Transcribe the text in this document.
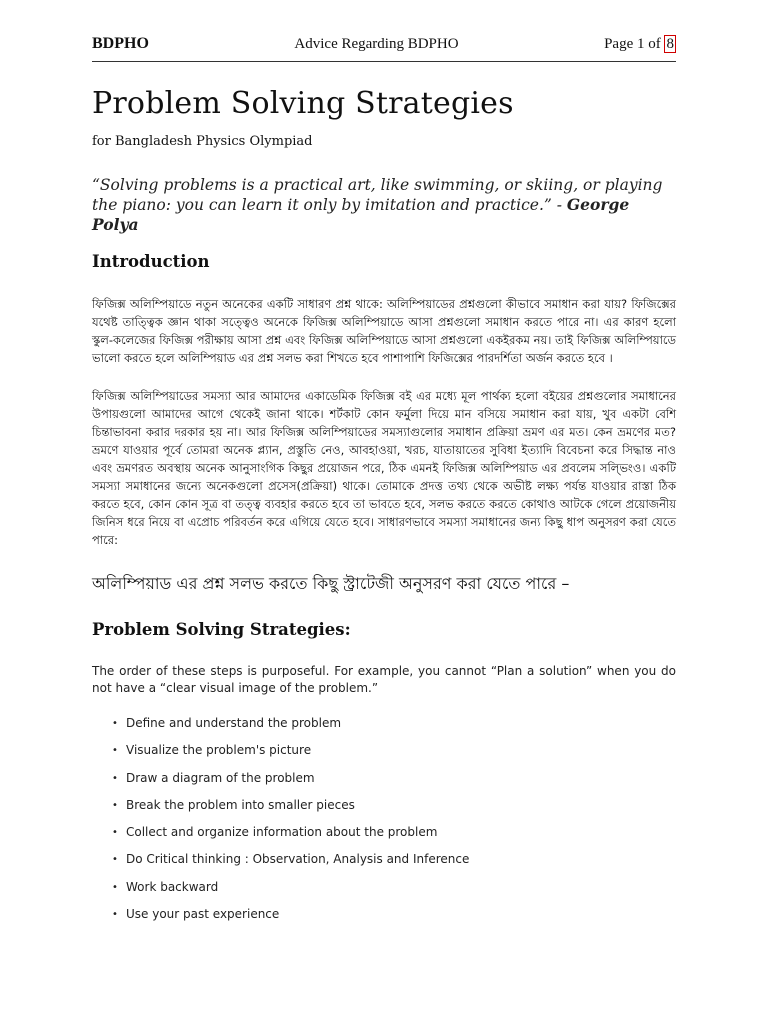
BDPHO	Advice Regarding BDPHO	Page 1 of 8
Problem Solving Strategies
for Bangladesh Physics Olympiad
“Solving problems is a practical art, like swimming, or skiing, or playing the piano: you can learn it only by imitation and practice.” - George Polya
Introduction

ফিজিক্স অলিম্পিয়াডে নতুন অনেকের একটি সাধারণ প্রশ্ন থাকে: অলিম্পিয়াডের প্রশ্নগুলো কীভাবে সমাধান করা যায়? ফিজিক্সের যথেষ্ট তাত্ত্বিক জ্ঞান থাকা সত্ত্বেও অনেকে ফিজিক্স অলিম্পিয়াডে আসা প্রশ্নগুলো সমাধান করতে পারে না। এর কারণ হলো স্কুল-কলেজের ফিজিক্স পরীক্ষায় আসা প্রশ্ন এবং ফিজিক্স অলিম্পিয়াডে আসা প্রশ্নগুলো একইরকম নয়। তাই ফিজিক্স অলিম্পিয়াডে ভালো করতে হলে অলিম্পিয়াড এর প্রশ্ন সলভ করা শিখতে হবে পাশাপাশি ফিজিক্সের পারদর্শিতা অর্জন করতে হবে ।

ফিজিক্স অলিম্পিয়াডের সমস্যা আর আমাদের একাডেমিক ফিজিক্স বই এর মধ্যে মূল পার্থক্য হলো বইয়ের প্রশ্নগুলোর সমাধানের উপায়গুলো আমাদের আগে থেকেই জানা থাকে। শর্টকাট কোন ফর্মুলা দিয়ে মান বসিয়ে সমাধান করা যায়, খুব একটা বেশি চিন্তাভাবনা করার দরকার হয় না। আর ফিজিক্স অলিম্পিয়াডের সমস্যাগুলোর সমাধান প্রক্রিয়া ভ্রমণ এর মত। কেন ভ্রমণের মত? ভ্রমণে যাওয়ার পূর্বে তোমরা অনেক প্ল্যান, প্রস্তুতি নেও, আবহাওয়া, খরচ, যাতায়াতের সুবিধা ইত্যাদি বিবেচনা করে সিদ্ধান্ত নাও এবং ভ্রমণরত অবস্থায় অনেক আনুসাংগিক কিছুর প্রয়োজন পরে, ঠিক এমনই ফিজিক্স অলিম্পিয়াড এর প্রবলেম সল্ভিংও। একটি সমস্যা সমাধানের জন্যে অনেকগুলো প্রসেস(প্রক্রিয়া) থাকে। তোমাকে প্রদত্ত তথ্য থেকে অভীষ্ট লক্ষ্য পর্যন্ত যাওয়ার রাস্তা ঠিক করতে হবে, কোন কোন সূত্র বা তত্ত্ব ব্যবহার করতে হবে তা ভাবতে হবে, সলভ করতে করতে কোথাও আটকে গেলে প্রয়োজনীয় জিনিস ধরে নিয়ে বা এপ্রোচ পরিবর্তন করে এগিয়ে যেতে হবে। সাধারণভাবে সমস্যা সমাধানের জন্য কিছু ধাপ অনুসরণ করা যেতে পারে:

অলিম্পিয়াড এর প্রশ্ন সলভ করতে কিছু স্ট্রাটেজী অনুসরণ করা যেতে পারে –
Problem Solving Strategies:
The order of these steps is purposeful. For example, you cannot “Plan a solution” when you do not have a “clear visual image of the problem.”
• Define and understand the problem
• Visualize the problem's picture
• Draw a diagram of the problem
• Break the problem into smaller pieces
• Collect and organize information about the problem
• Do Critical thinking : Observation, Analysis and Inference
• Work backward
• Use your past experience
